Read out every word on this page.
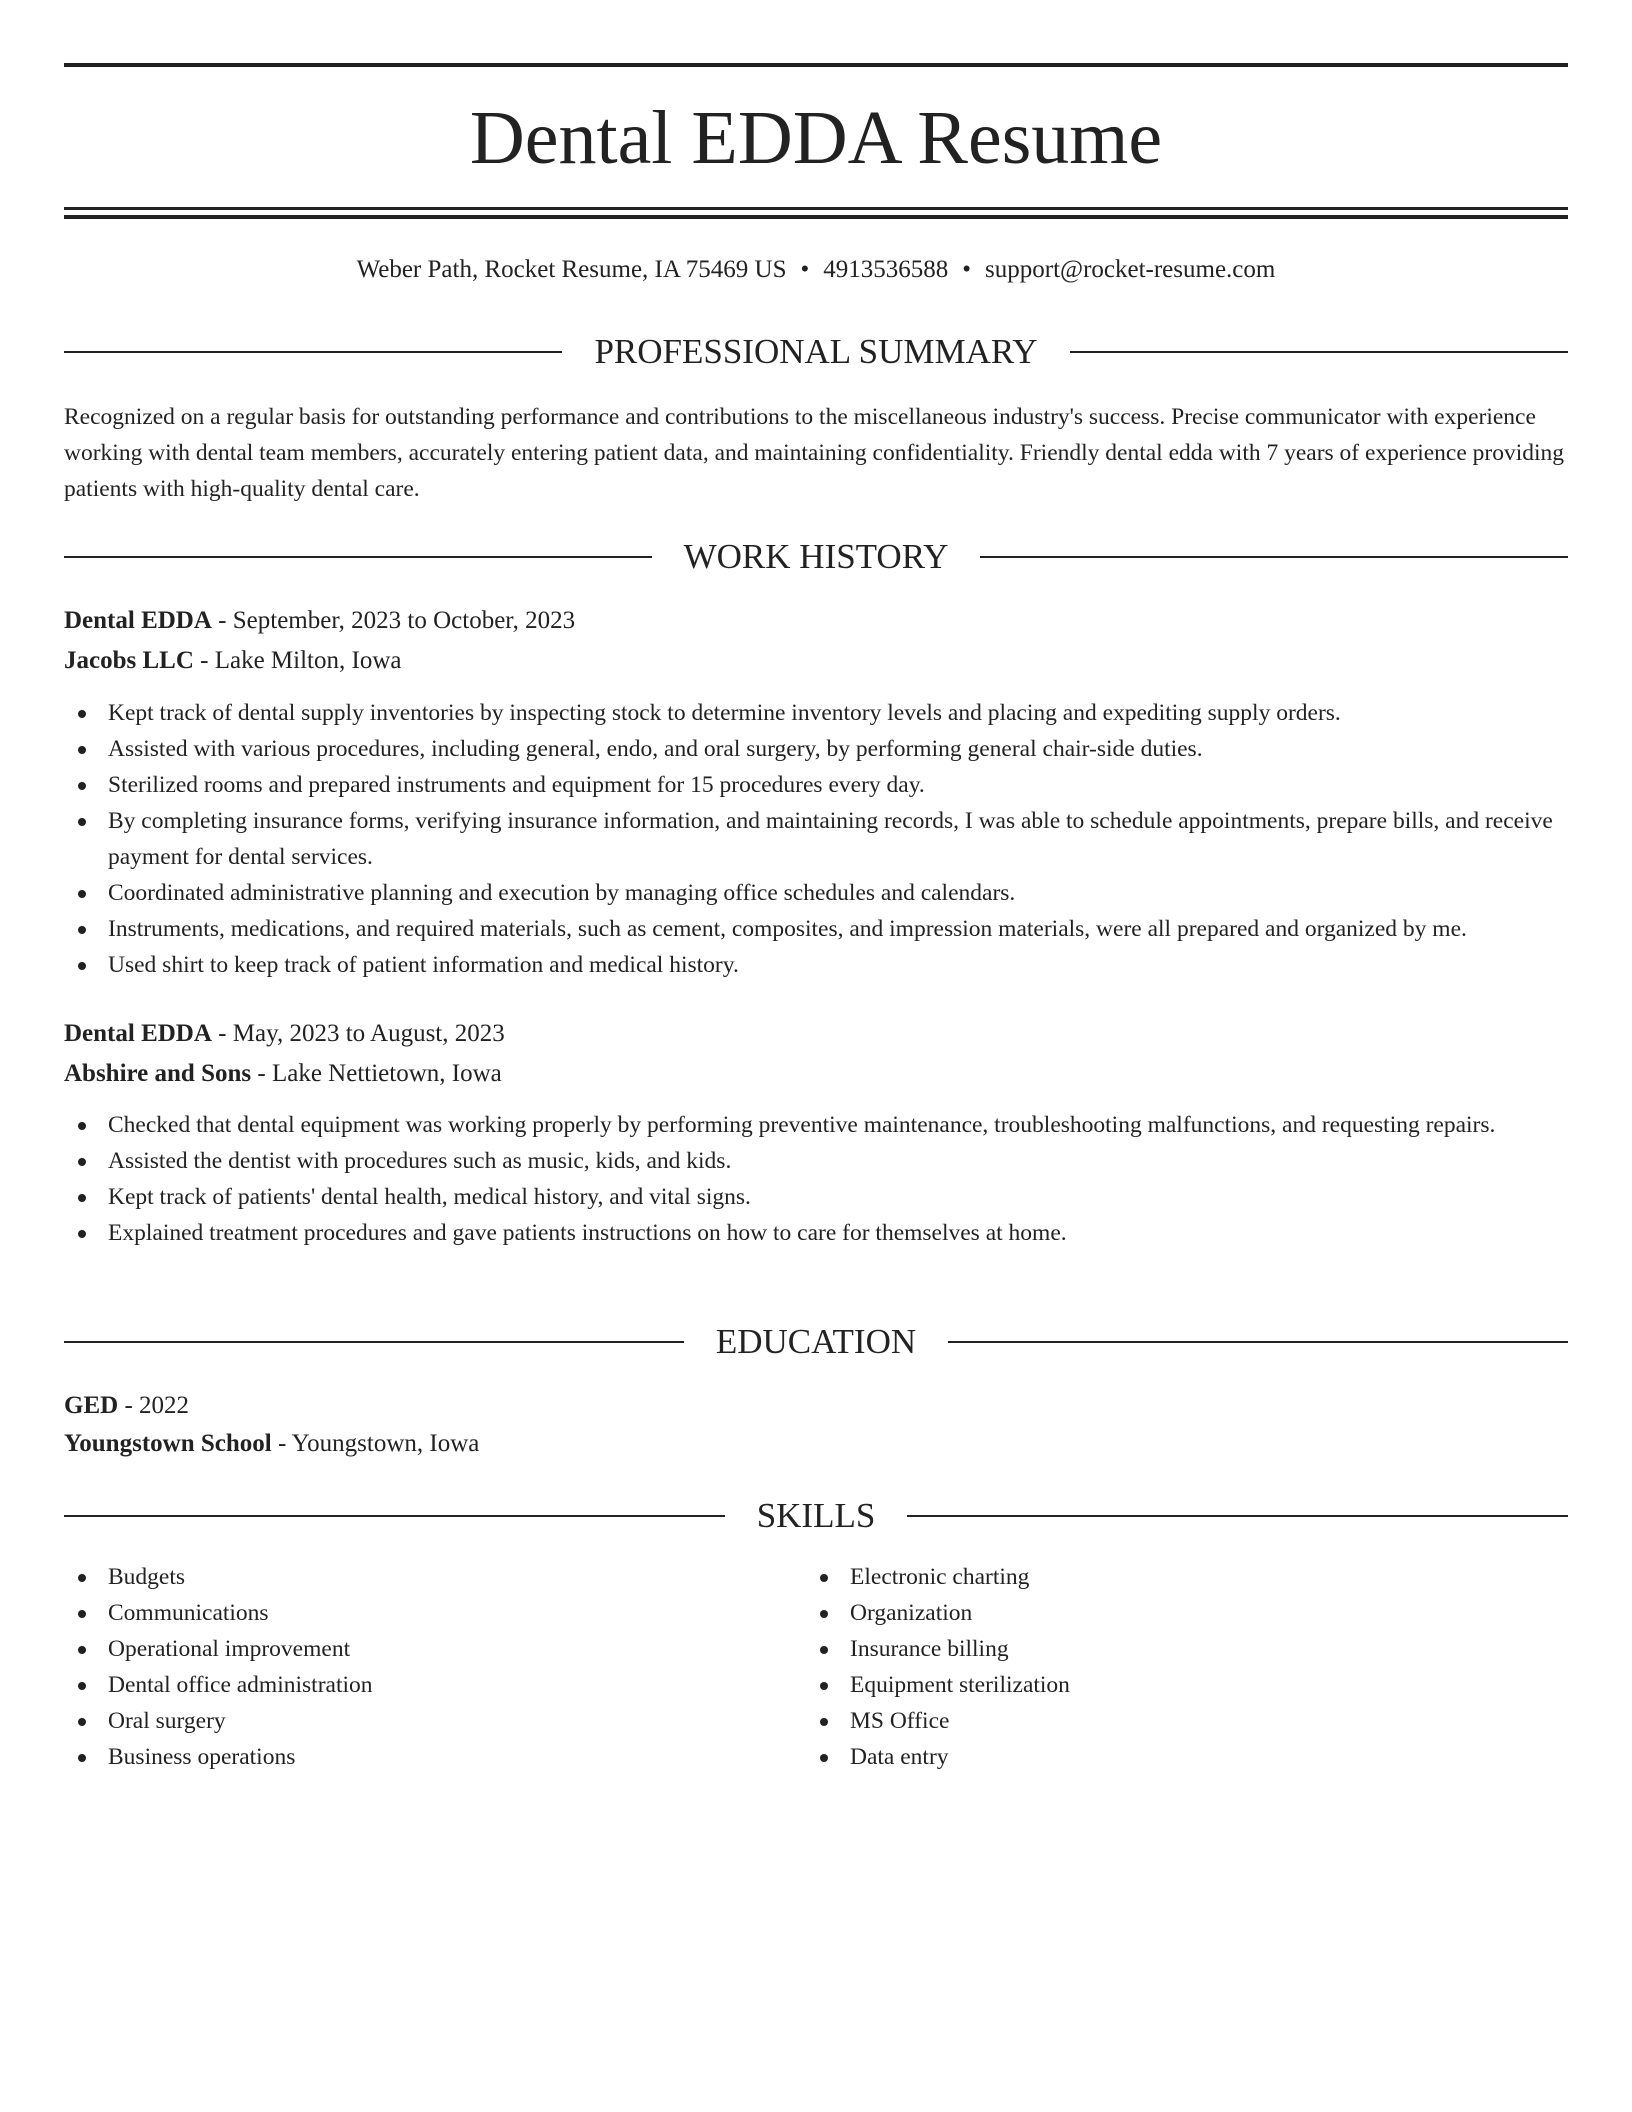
Dental EDDA Resume
Weber Path, Rocket Resume, IA 75469 US • 4913536588 • support@rocket-resume.com
PROFESSIONAL SUMMARY

Recognized on a regular basis for outstanding performance and contributions to the miscellaneous industry's success. Precise communicator with experience working with dental team members, accurately entering patient data, and maintaining confidentiality. Friendly dental edda with 7 years of experience providing patients with high-quality dental care.

WORK HISTORY
Dental EDDA - September, 2023 to October, 2023
Jacobs LLC - Lake Milton, Iowa
Kept track of dental supply inventories by inspecting stock to determine inventory levels and placing and expediting supply orders.
Assisted with various procedures, including general, endo, and oral surgery, by performing general chair-side duties.
Sterilized rooms and prepared instruments and equipment for 15 procedures every day.
By completing insurance forms, verifying insurance information, and maintaining records, I was able to schedule appointments, prepare bills, and receive payment for dental services.
Coordinated administrative planning and execution by managing office schedules and calendars.
Instruments, medications, and required materials, such as cement, composites, and impression materials, were all prepared and organized by me.
Used shirt to keep track of patient information and medical history.
Dental EDDA - May, 2023 to August, 2023
Abshire and Sons - Lake Nettietown, Iowa
Checked that dental equipment was working properly by performing preventive maintenance, troubleshooting malfunctions, and requesting repairs.
Assisted the dentist with procedures such as music, kids, and kids.
Kept track of patients' dental health, medical history, and vital signs.
Explained treatment procedures and gave patients instructions on how to care for themselves at home.
EDUCATION
GED - 2022
Youngstown School - Youngstown, Iowa
SKILLS
Budgets
Communications
Operational improvement
Dental office administration
Oral surgery
Business operations
Electronic charting
Organization
Insurance billing
Equipment sterilization
MS Office
Data entry
